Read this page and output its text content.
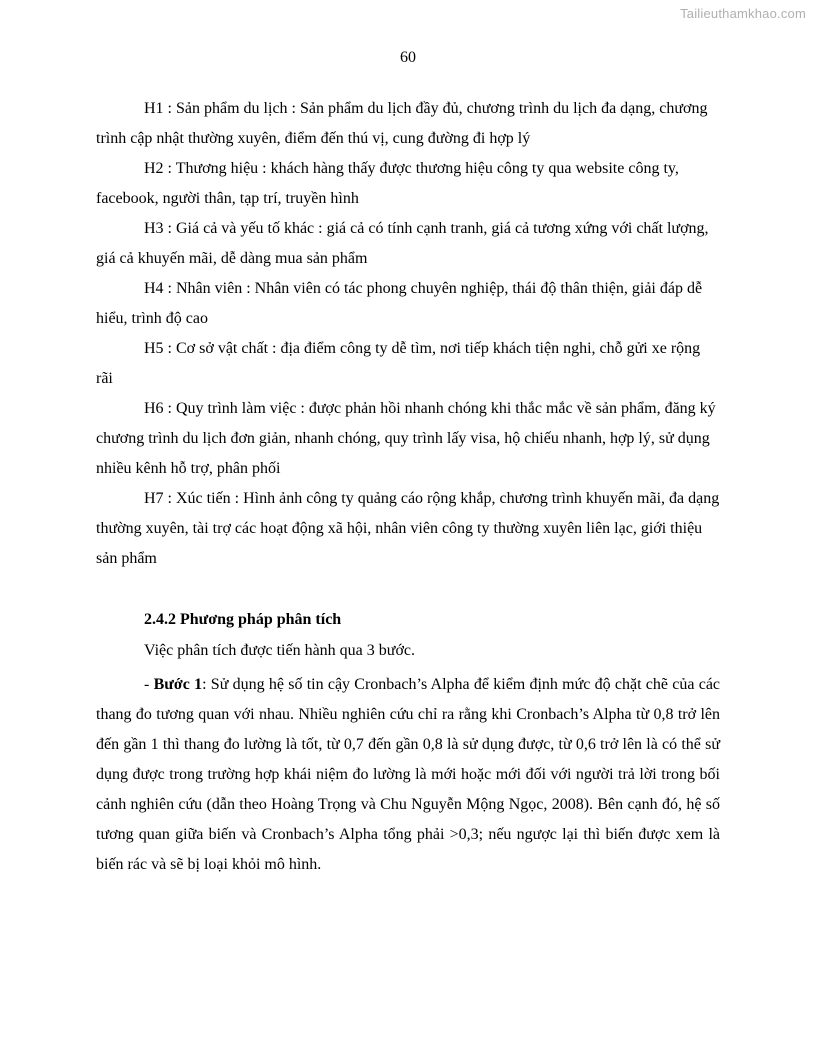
Tailieuthamkhao.com
60

H1 : Sản phẩm du lịch : Sản phẩm du lịch đầy đủ, chương trình du lịch đa dạng, chương trình cập nhật thường xuyên, điểm đến thú vị, cung đường đi hợp lý

H2 : Thương hiệu : khách hàng thấy được thương hiệu công ty qua website công ty, facebook, người thân, tạp trí, truyền hình

H3 : Giá cả và yếu tố khác : giá cả có tính cạnh tranh, giá cả tương xứng với chất lượng, giá cả khuyến mãi, dễ dàng mua sản phẩm

H4 : Nhân viên : Nhân viên có tác phong chuyên nghiệp, thái độ thân thiện, giải đáp dễ hiểu, trình độ cao

H5 : Cơ sở vật chất : địa điểm công ty dễ tìm, nơi tiếp khách tiện nghi, chỗ gửi xe rộng rãi

H6 : Quy trình làm việc : được phản hồi nhanh chóng khi thắc mắc về sản phẩm, đăng ký chương trình du lịch đơn giản, nhanh chóng, quy trình lấy visa, hộ chiếu nhanh, hợp lý, sử dụng nhiều kênh hỗ trợ, phân phối

H7 : Xúc tiến : Hình ảnh công ty quảng cáo rộng khắp, chương trình khuyến mãi, đa dạng thường xuyên, tài trợ các hoạt động xã hội, nhân viên công ty thường xuyên liên lạc, giới thiệu sản phẩm

2.4.2 Phương pháp phân tích

Việc phân tích được tiến hành qua 3 bước.

- Bước 1: Sử dụng hệ số tin cậy Cronbach’s Alpha để kiểm định mức độ chặt chẽ của các thang đo tương quan với nhau. Nhiều nghiên cứu chỉ ra rằng khi Cronbach’s Alpha từ 0,8 trở lên đến gần 1 thì thang đo lường là tốt, từ 0,7 đến gần 0,8 là sử dụng được, từ 0,6 trở lên là có thể sử dụng được trong trường hợp khái niệm đo lường là mới hoặc mới đối với người trả lời trong bối cảnh nghiên cứu (dẫn theo Hoàng Trọng và Chu Nguyễn Mộng Ngọc, 2008). Bên cạnh đó, hệ số tương quan giữa biến và Cronbach’s Alpha tổng phải >0,3; nếu ngược lại thì biến được xem là biến rác và sẽ bị loại khỏi mô hình.
